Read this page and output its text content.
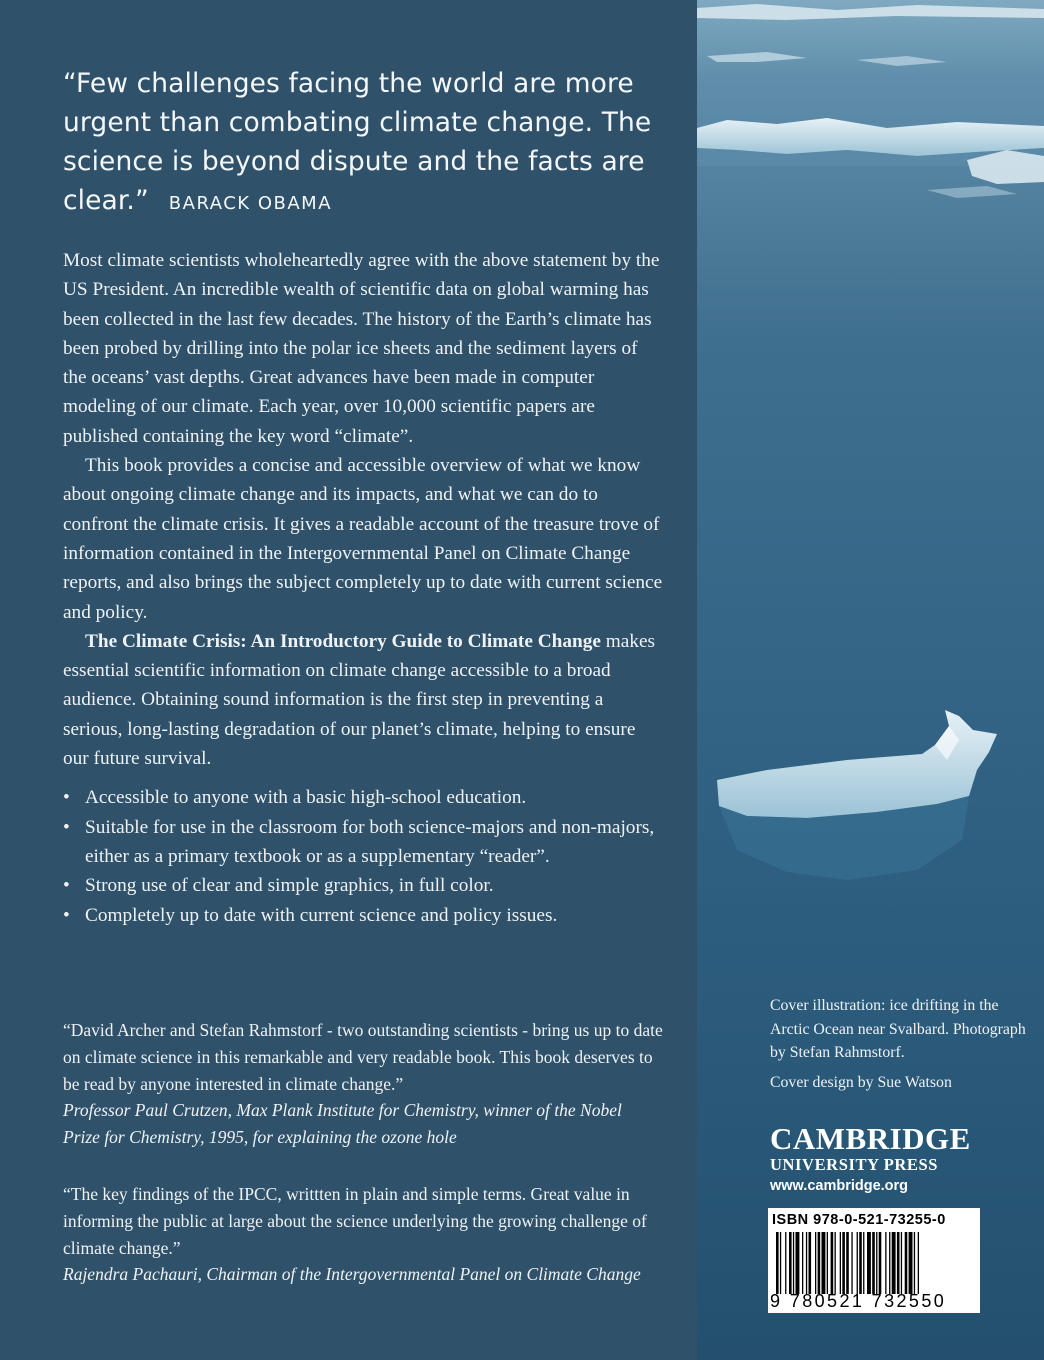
“Few challenges facing the world are more urgent than combating climate change. The science is beyond dispute and the facts are clear.” BARACK OBAMA

Most climate scientists wholeheartedly agree with the above statement by the US President. An incredible wealth of scientific data on global warming has been collected in the last few decades. The history of the Earth’s climate has been probed by drilling into the polar ice sheets and the sediment layers of the oceans’ vast depths. Great advances have been made in computer modeling of our climate. Each year, over 10,000 scientific papers are published containing the key word “climate”.

This book provides a concise and accessible overview of what we know about ongoing climate change and its impacts, and what we can do to confront the climate crisis. It gives a readable account of the treasure trove of information contained in the Intergovernmental Panel on Climate Change reports, and also brings the subject completely up to date with current science and policy.

The Climate Crisis: An Introductory Guide to Climate Change makes essential scientific information on climate change accessible to a broad audience. Obtaining sound information is the first step in preventing a serious, long-lasting degradation of our planet’s climate, helping to ensure our future survival.

• Accessible to anyone with a basic high-school education.
• Suitable for use in the classroom for both science-majors and non-majors, either as a primary textbook or as a supplementary “reader”.
• Strong use of clear and simple graphics, in full color.
• Completely up to date with current science and policy issues.

“David Archer and Stefan Rahmstorf - two outstanding scientists - bring us up to date on climate science in this remarkable and very readable book. This book deserves to be read by anyone interested in climate change.”

Professor Paul Crutzen, Max Plank Institute for Chemistry, winner of the Nobel Prize for Chemistry, 1995, for explaining the ozone hole

“The key findings of the IPCC, writtten in plain and simple terms. Great value in informing the public at large about the science underlying the growing challenge of climate change.”

Rajendra Pachauri, Chairman of the Intergovernmental Panel on Climate Change

Cover illustration: ice drifting in the Arctic Ocean near Svalbard. Photograph by Stefan Rahmstorf.

Cover design by Sue Watson

CAMBRIDGE
UNIVERSITY PRESS
www.cambridge.org
ISBN 978-0-521-73255-0
9 780521 732550
